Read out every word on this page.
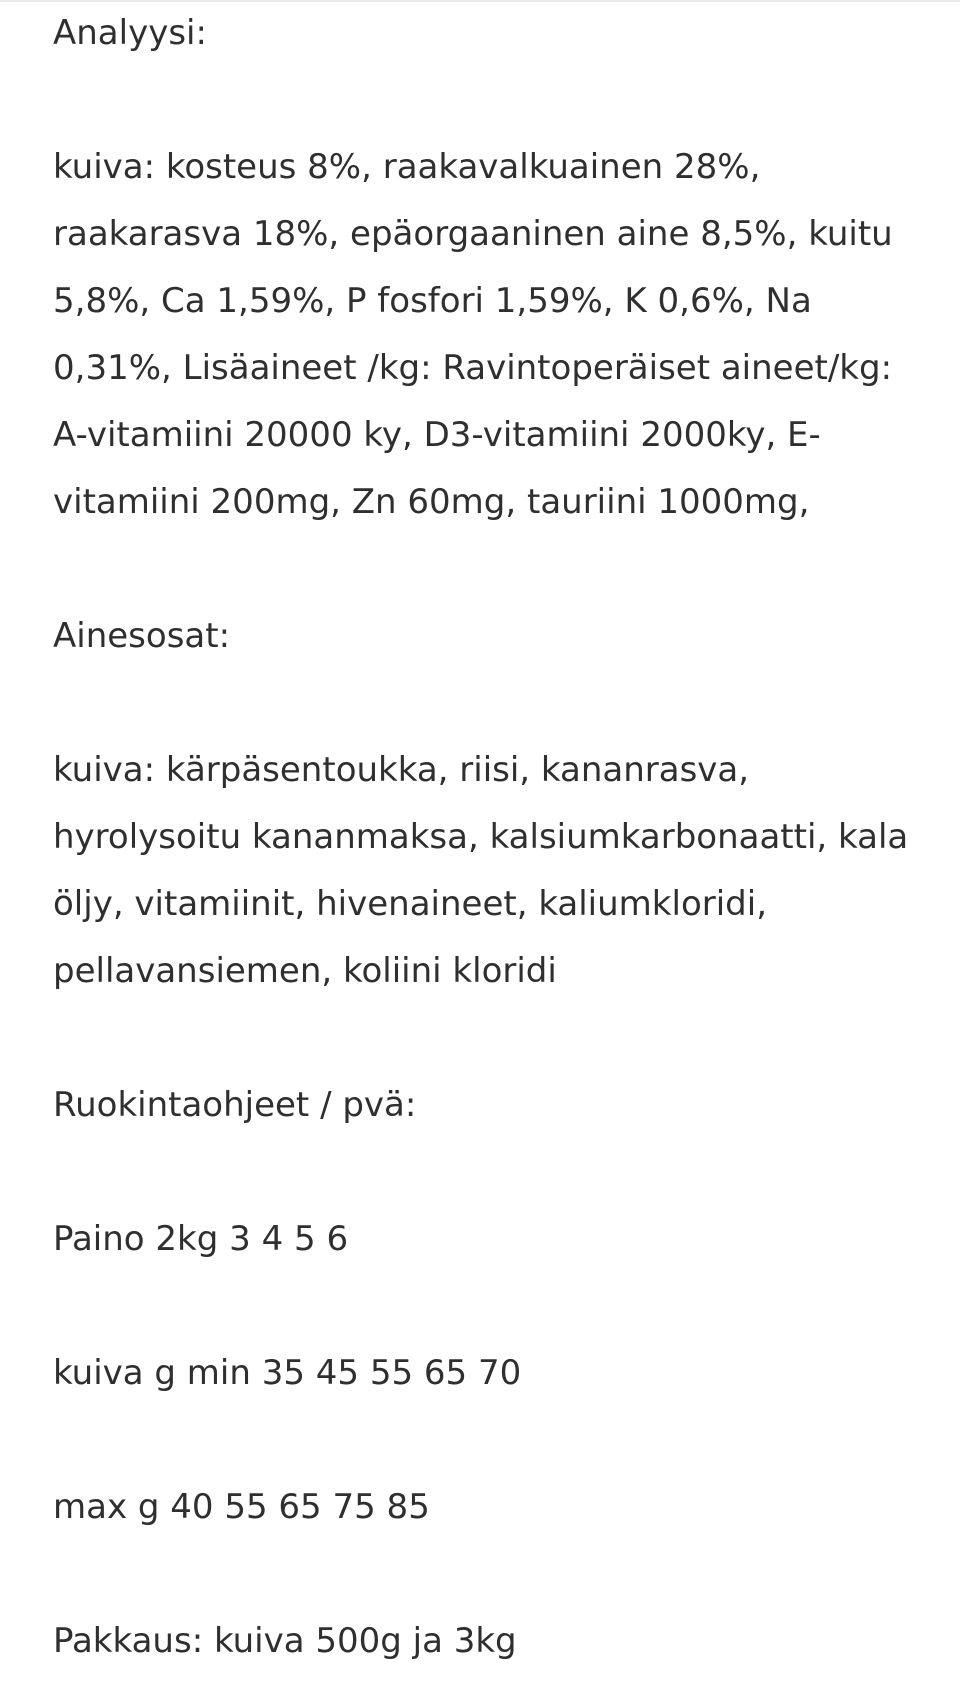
Analyysi:

kuiva: kosteus 8%, raakavalkuainen 28%,

raakarasva 18%, epäorgaaninen aine 8,5%, kuitu

5,8%, Ca 1,59%, P fosfori 1,59%, K 0,6%, Na

0,31%, Lisäaineet /kg: Ravintoperäiset aineet/kg:

A-vitamiini 20000 ky, D3-vitamiini 2000ky, E-

vitamiini 200mg, Zn 60mg, tauriini 1000mg,

Ainesosat:

kuiva: kärpäsentoukka, riisi, kananrasva,

hyrolysoitu kananmaksa, kalsiumkarbonaatti, kala

öljy, vitamiinit, hivenaineet, kaliumkloridi,

pellavansiemen, koliini kloridi

Ruokintaohjeet / pvä:

Paino 2kg 3 4 5 6

kuiva g min 35 45 55 65 70

max g 40 55 65 75 85

Pakkaus: kuiva 500g ja 3kg
